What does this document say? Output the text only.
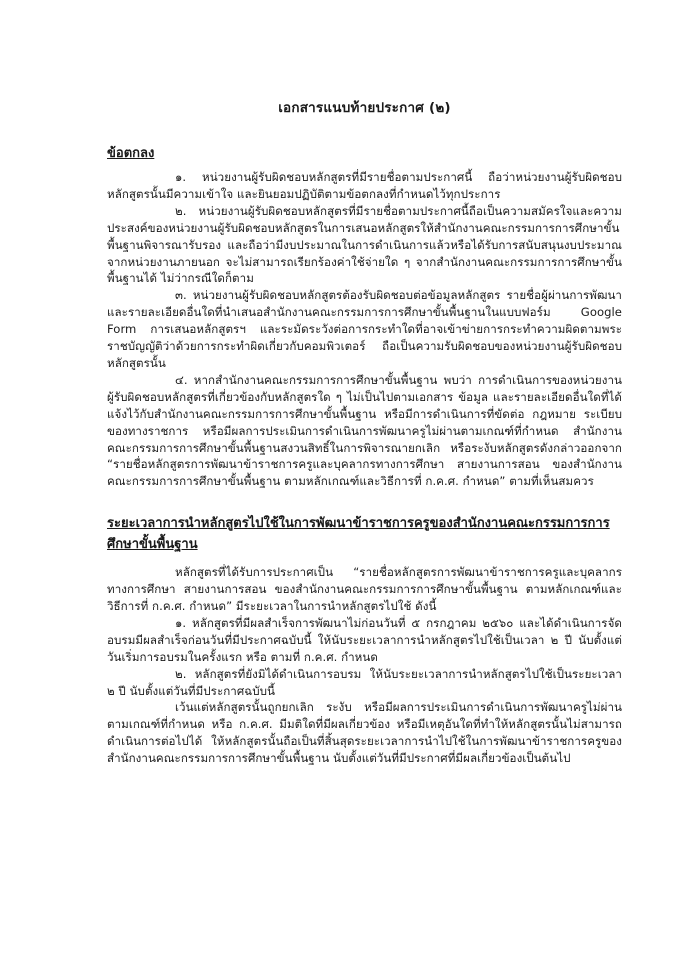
เอกสารแนบท้ายประกาศ (๒)
ข้อตกลง

๑. หน่วยงานผู้รับผิดชอบหลักสูตรที่มีรายชื่อตามประกาศนี้ ถือว่าหน่วยงานผู้รับผิดชอบหลักสูตรนั้นมีความเข้าใจ และยินยอมปฏิบัติตามข้อตกลงที่กำหนดไว้ทุกประการ

๒. หน่วยงานผู้รับผิดชอบหลักสูตรที่มีรายชื่อตามประกาศนี้ถือเป็นความสมัครใจและความประสงค์ของหน่วยงานผู้รับผิดชอบหลักสูตรในการเสนอหลักสูตรให้สำนักงานคณะกรรมการการศึกษาขั้นพื้นฐานพิจารณารับรอง และถือว่ามีงบประมาณในการดำเนินการแล้วหรือได้รับการสนับสนุนงบประมาณจากหน่วยงานภายนอก จะไม่สามารถเรียกร้องค่าใช้จ่ายใด ๆ จากสำนักงานคณะกรรมการการศึกษาขั้นพื้นฐานได้ ไม่ว่ากรณีใดก็ตาม

๓. หน่วยงานผู้รับผิดชอบหลักสูตรต้องรับผิดชอบต่อข้อมูลหลักสูตร รายชื่อผู้ผ่านการพัฒนา และรายละเอียดอื่นใดที่นำเสนอสำนักงานคณะกรรมการการศึกษาขั้นพื้นฐานในแบบฟอร์ม Google Form การเสนอหลักสูตรฯ และระมัดระวังต่อการกระทำใดที่อาจเข้าข่ายการกระทำความผิดตามพระราชบัญญัติว่าด้วยการกระทำผิดเกี่ยวกับคอมพิวเตอร์ ถือเป็นความรับผิดชอบของหน่วยงานผู้รับผิดชอบหลักสูตรนั้น

๔. หากสำนักงานคณะกรรมการการศึกษาขั้นพื้นฐาน พบว่า การดำเนินการของหน่วยงานผู้รับผิดชอบหลักสูตรที่เกี่ยวข้องกับหลักสูตรใด ๆ ไม่เป็นไปตามเอกสาร ข้อมูล และรายละเอียดอื่นใดที่ได้แจ้งไว้กับสำนักงานคณะกรรมการการศึกษาขั้นพื้นฐาน หรือมีการดำเนินการที่ขัดต่อ กฎหมาย ระเบียบของทางราชการ หรือมีผลการประเมินการดำเนินการพัฒนาครูไม่ผ่านตามเกณฑ์ที่กำหนด สำนักงานคณะกรรมการการศึกษาขั้นพื้นฐานสงวนสิทธิ์ในการพิจารณายกเลิก หรือระงับหลักสูตรดังกล่าวออกจาก “รายชื่อหลักสูตรการพัฒนาข้าราชการครูและบุคลากรทางการศึกษา สายงานการสอน ของสำนักงานคณะกรรมการการศึกษาขั้นพื้นฐาน ตามหลักเกณฑ์และวิธีการที่ ก.ค.ศ. กำหนด” ตามที่เห็นสมควร

ระยะเวลาการนำหลักสูตรไปใช้ในการพัฒนาข้าราชการครูของสำนักงานคณะกรรมการการศึกษาขั้นพื้นฐาน

หลักสูตรที่ได้รับการประกาศเป็น “รายชื่อหลักสูตรการพัฒนาข้าราชการครูและบุคลากรทางการศึกษา สายงานการสอน ของสำนักงานคณะกรรมการการศึกษาขั้นพื้นฐาน ตามหลักเกณฑ์และวิธีการที่ ก.ค.ศ. กำหนด” มีระยะเวลาในการนำหลักสูตรไปใช้ ดังนี้

๑. หลักสูตรที่มีผลสำเร็จการพัฒนาไม่ก่อนวันที่ ๕ กรกฎาคม ๒๕๖๐ และได้ดำเนินการจัดอบรมมีผลสำเร็จก่อนวันที่มีประกาศฉบับนี้ ให้นับระยะเวลาการนำหลักสูตรไปใช้เป็นเวลา ๒ ปี นับตั้งแต่วันเริ่มการอบรมในครั้งแรก หรือ ตามที่ ก.ค.ศ. กำหนด

๒. หลักสูตรที่ยังมิได้ดำเนินการอบรม ให้นับระยะเวลาการนำหลักสูตรไปใช้เป็นระยะเวลา ๒ ปี นับตั้งแต่วันที่มีประกาศฉบับนี้

เว้นแต่หลักสูตรนั้นถูกยกเลิก ระงับ หรือมีผลการประเมินการดำเนินการพัฒนาครูไม่ผ่านตามเกณฑ์ที่กำหนด หรือ ก.ค.ศ. มีมติใดที่มีผลเกี่ยวข้อง หรือมีเหตุอันใดที่ทำให้หลักสูตรนั้นไม่สามารถดำเนินการต่อไปได้ ให้หลักสูตรนั้นถือเป็นที่สิ้นสุดระยะเวลาการนำไปใช้ในการพัฒนาข้าราชการครูของสำนักงานคณะกรรมการการศึกษาขั้นพื้นฐาน นับตั้งแต่วันที่มีประกาศที่มีผลเกี่ยวข้องเป็นต้นไป
